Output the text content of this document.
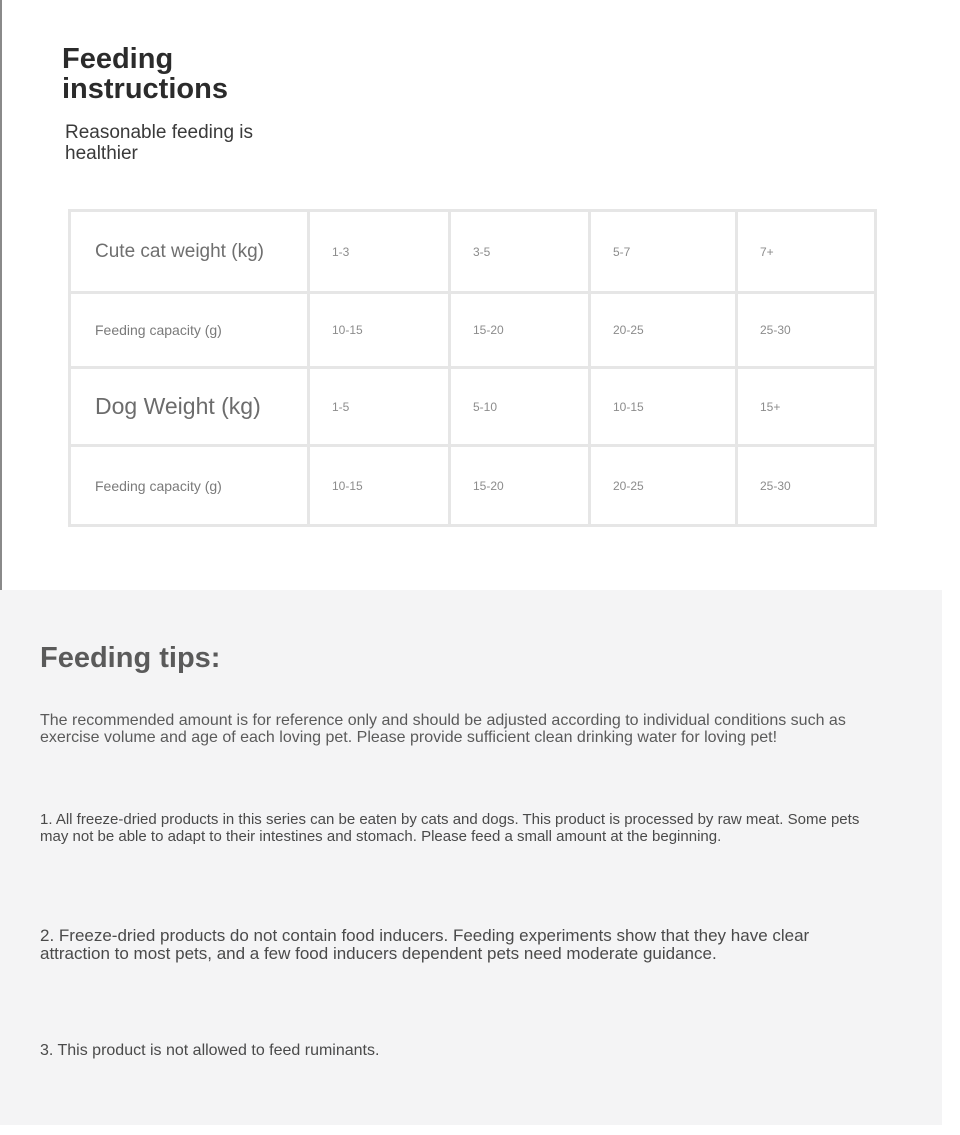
Feeding instructions

Reasonable feeding is healthier

Cute cat weight (kg)	1-3	3-5	5-7	7+
Feeding capacity (g)	10-15	15-20	20-25	25-30
Dog Weight (kg)	1-5	5-10	10-15	15+
Feeding capacity (g)	10-15	15-20	20-25	25-30
Feeding tips:

The recommended amount is for reference only and should be adjusted according to individual conditions such as exercise volume and age of each loving pet. Please provide sufficient clean drinking water for loving pet!

1. All freeze-dried products in this series can be eaten by cats and dogs. This product is processed by raw meat. Some pets may not be able to adapt to their intestines and stomach. Please feed a small amount at the beginning.

2. Freeze-dried products do not contain food inducers. Feeding experiments show that they have clear attraction to most pets, and a few food inducers dependent pets need moderate guidance.

3. This product is not allowed to feed ruminants.
